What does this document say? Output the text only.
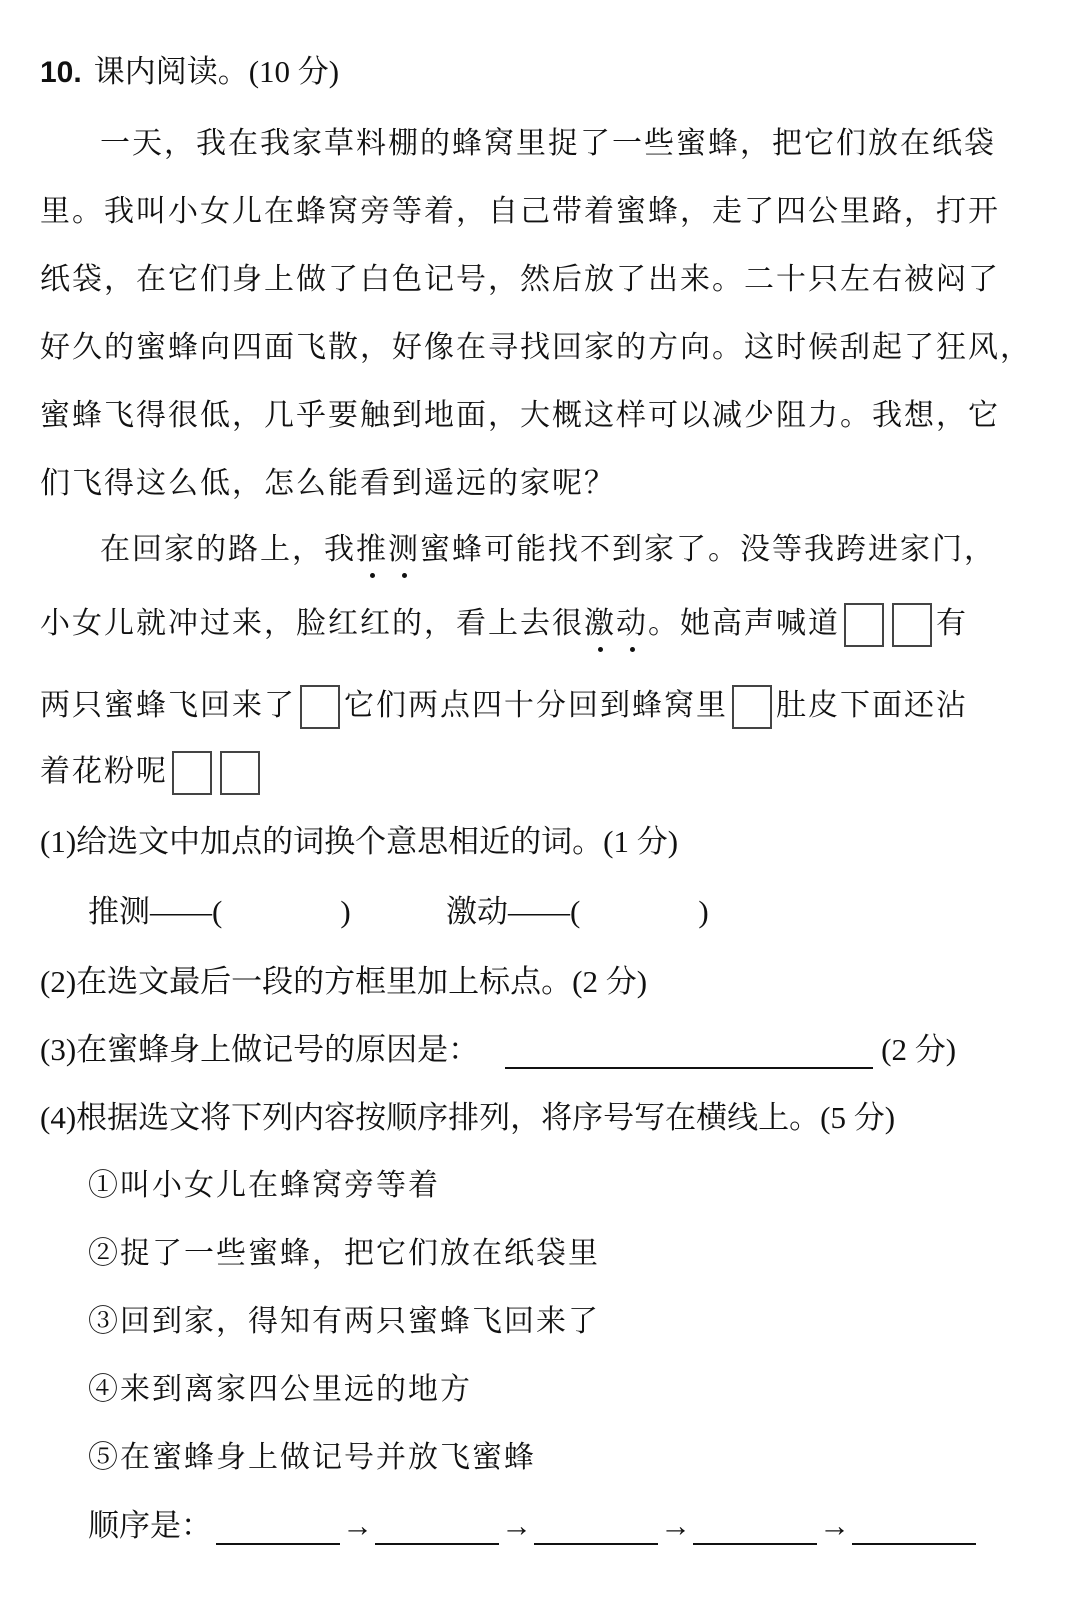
10. 课内阅读。(10 分)
一天，我在我家草料棚的蜂窝里捉了一些蜜蜂，把它们放在纸袋
里。我叫小女儿在蜂窝旁等着，自己带着蜜蜂，走了四公里路，打开
纸袋，在它们身上做了白色记号，然后放了出来。二十只左右被闷了
好久的蜜蜂向四面飞散，好像在寻找回家的方向。这时候刮起了狂风，
蜜蜂飞得很低，几乎要触到地面，大概这样可以减少阻力。我想，它
们飞得这么低，怎么能看到遥远的家呢？
在回家的路上，我推测蜜蜂可能找不到家了。没等我跨进家门，
小女儿就冲过来，脸红红的，看上去很激动。她高声喊道	有
两只蜜蜂飞回来了 它们两点四十分回到蜂窝里 肚皮下面还沾
着花粉呢
(1)给选文中加点的词换个意思相近的词。(1 分)
推测——(	)	激动——(	)
(2)在选文最后一段的方框里加上标点。(2 分)
(3)在蜜蜂身上做记号的原因是：	(2 分)
(4)根据选文将下列内容按顺序排列，将序号写在横线上。(5 分)
①叫小女儿在蜂窝旁等着
②捉了一些蜜蜂，把它们放在纸袋里
③回到家，得知有两只蜜蜂飞回来了
④来到离家四公里远的地方
⑤在蜜蜂身上做记号并放飞蜜蜂
顺序是：	→	→	→	→
